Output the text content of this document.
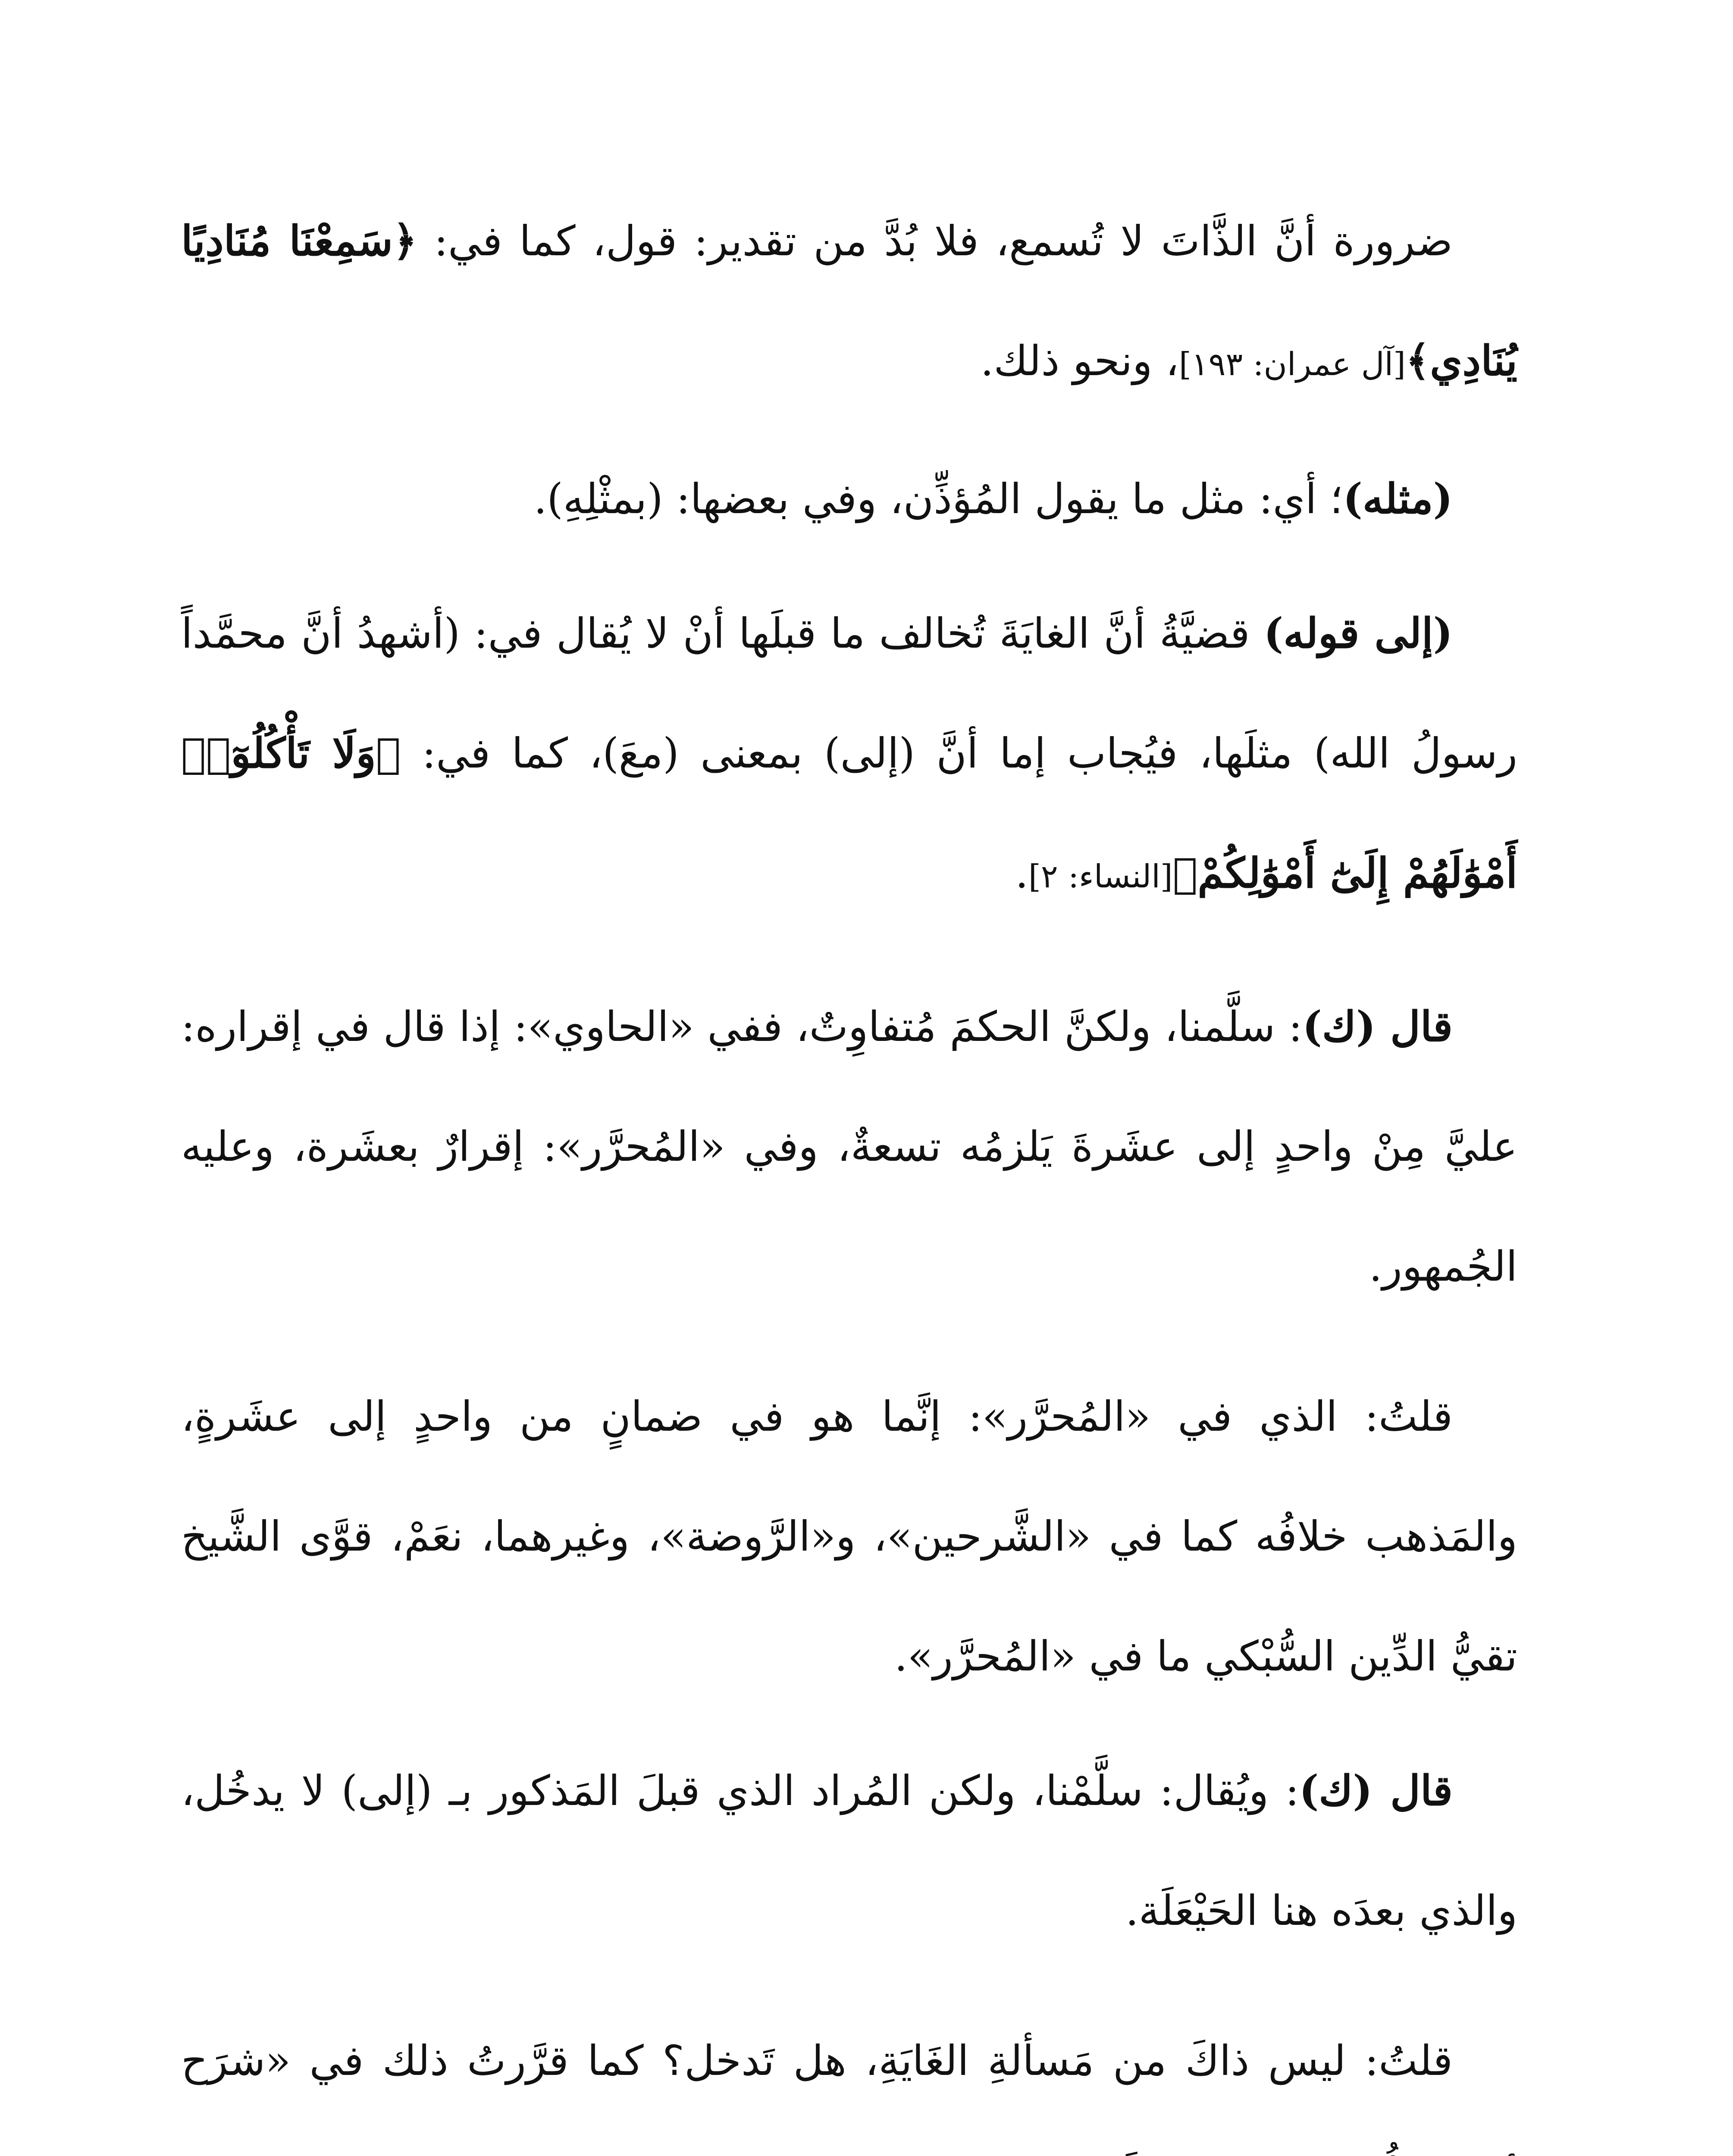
ضرورة أنَّ الذَّاتَ لا تُسمع، فلا بُدَّ من تقدير: قول، كما في: ﴿سَمِعْنَا مُنَادِيًا يُنَادِي﴾[آل عمران: ١٩٣]، ونحو ذلك.

(مثله)؛ أي: مثل ما يقول المُؤذِّن، وفي بعضها: (بمثْلِهِ).

(إلى قوله) قضيَّةُ أنَّ الغايَةَ تُخالف ما قبلَها أنْ لا يُقال في: (أشهدُ أنَّ محمَّداً رسولُ الله) مثلَها، فيُجاب إما أنَّ (إلى) بمعنى (معَ)، كما في: ﴿وَلَا تَأْكُلُوٓا۟ أَمْوَٰلَهُمْ إِلَىٰٓ أَمْوَٰلِكُمْ﴾[النساء: ٢].

قال (ك): سلَّمنا، ولكنَّ الحكمَ مُتفاوِتٌ، ففي «الحاوي»: إذا قال في إقراره: عليَّ مِنْ واحدٍ إلى عشَرةَ يَلزمُه تسعةٌ، وفي «المُحرَّر»: إقرارٌ بعشَرة، وعليه الجُمهور.

قلتُ: الذي في «المُحرَّر»: إنَّما هو في ضمانٍ من واحدٍ إلى عشَرةٍ، والمَذهب خلافُه كما في «الشَّرحين»، و«الرَّوضة»، وغيرهما، نعَمْ، قوَّى الشَّيخ تقيُّ الدِّين السُّبْكي ما في «المُحرَّر».

قال (ك): ويُقال: سلَّمْنا، ولكن المُراد الذي قبلَ المَذكور بـ (إلى) لا يدخُل، والذي بعدَه هنا الحَيْعَلَة.

قلتُ: ليس ذاكَ من مَسألةِ الغَايَةِ، هل تَدخل؟ كما قرَّرتُ ذلك في «شرَح
